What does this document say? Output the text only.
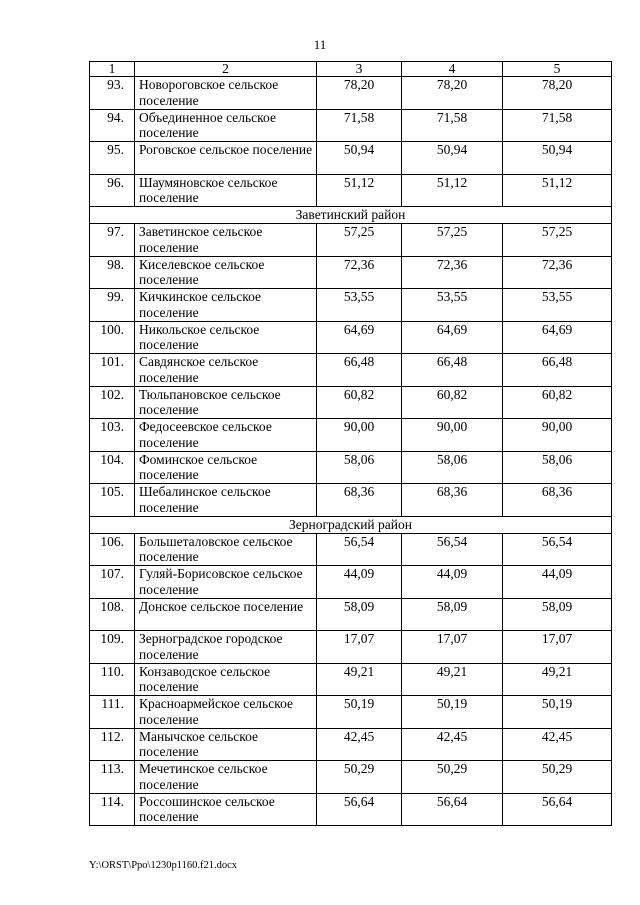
11
1	2	3	4	5
93.	Новороговское сельское поселение	78,20	78,20	78,20
94.	Объединенное сельское поселение	71,58	71,58	71,58
95.	Роговское сельское поселение	50,94	50,94	50,94
96.	Шаумяновское сельское поселение	51,12	51,12	51,12
Заветинский район				
97.	Заветинское сельское поселение	57,25	57,25	57,25
98.	Киселевское сельское поселение	72,36	72,36	72,36
99.	Кичкинское сельское поселение	53,55	53,55	53,55
100.	Никольское сельское поселение	64,69	64,69	64,69
101.	Савдянское сельское поселение	66,48	66,48	66,48
102.	Тюльпановское сельское поселение	60,82	60,82	60,82
103.	Федосеевское сельское поселение	90,00	90,00	90,00
104.	Фоминское сельское поселение	58,06	58,06	58,06
105.	Шебалинское сельское поселение	68,36	68,36	68,36
Зерноградский район				
106.	Большеталовское сельское поселение	56,54	56,54	56,54
107.	Гуляй-Борисовское сельское поселение	44,09	44,09	44,09
108.	Донское сельское поселение	58,09	58,09	58,09
109.	Зерноградское городское поселение	17,07	17,07	17,07
110.	Конзаводское сельское поселение	49,21	49,21	49,21
111.	Красноармейское сельское поселение	50,19	50,19	50,19
112.	Манычское сельское поселение	42,45	42,45	42,45
113.	Мечетинское сельское поселение	50,29	50,29	50,29
114.	Россошинское сельское поселение	56,64	56,64	56,64
Y:\ORST\Ppo\1230p1160.f21.docx
